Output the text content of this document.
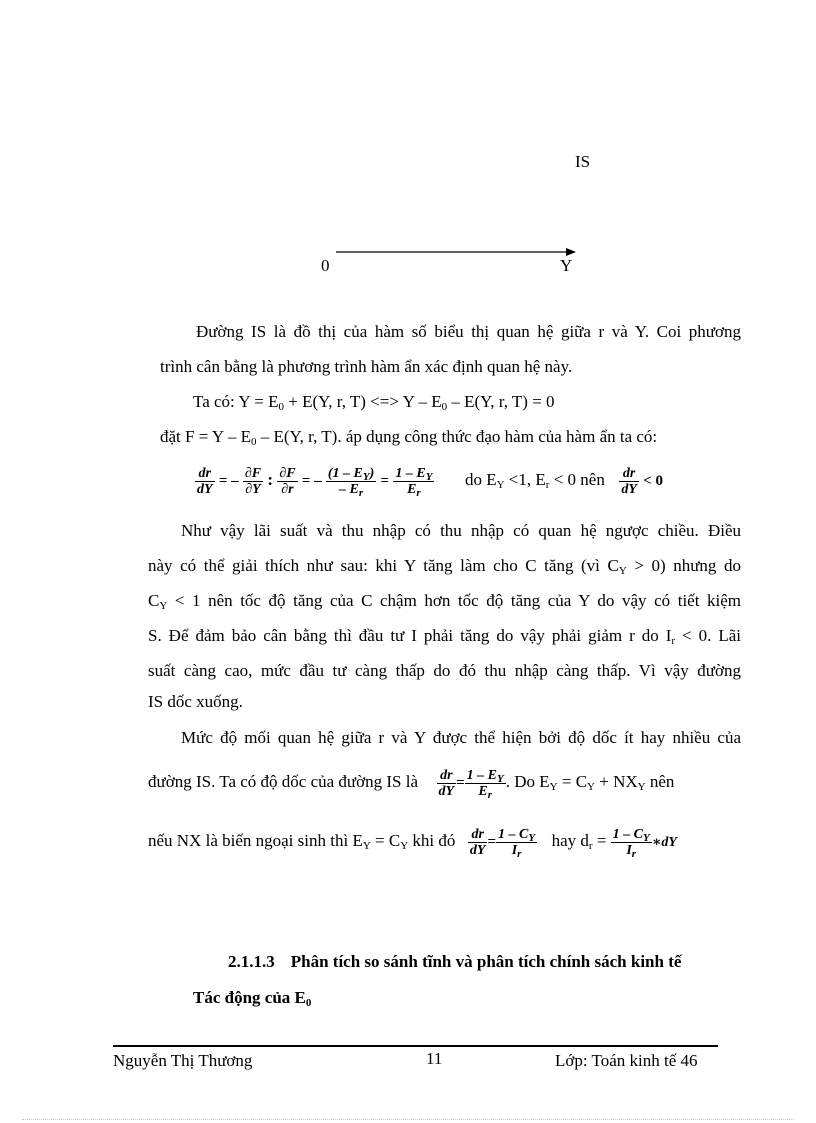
IS
0	Y
Đường IS là đồ thị của hàm số biểu thị quan hệ giữa r và Y. Coi phương
trình cân bằng là phương trình hàm ẩn xác định quan hệ này.
Ta có: $Y = E_0 + E(Y$, r, T) <=> Y – $E_0 - E(Y$, r, T) = 0
đặt $F = Y - E_0 - E(Y$, r, T). áp dụng công thức đạo hàm của hàm ẩn ta có:
$\frac{dr}{dY}$ = – $\frac{\partial F}{\partial Y}$ : $\frac{\partial F}{\partial r}$ = – $\frac{(1 - E_Y)}{- E_r} = \frac{1 - E_Y}{E_r}$ do $E_Y <1$, $E_r < 0$ nên $\frac{dr}{dY} < 0$
Như vậy lãi suất và thu nhập có thu nhập có quan hệ ngược chiều. Điều
này có thể giải thích như sau: khi Y tăng làm cho C tăng (vì $C_Y > 0$) nhưng do
$C_Y < 1$ nên tốc độ tăng của C chậm hơn tốc độ tăng của Y do vậy có tiết kiệm
S. Để đảm bảo cân bằng thì đầu tư I phải tăng do vậy phải giảm r do $I_r < 0$. Lãi
suất càng cao, mức đầu tư càng thấp do đó thu nhập càng thấp. Vì vậy đường
IS dốc xuống.
Mức độ mối quan hệ giữa r và Y được thể hiện bởi độ dốc ít hay nhiều của
đường IS. Ta có độ dốc của đường IS là $\frac{dr}{dY} = \frac{1 - E_Y}{E_r}$ . Do $E_Y = C_Y + NX_Y$ nên
nếu NX là biến ngoại sinh thì $E_Y = C_Y$ khi đó $\frac{dr}{dY} = \frac{1 - C_Y}{I_r}$ hay $d_r = \frac{1 - C_Y}{I_r}$ ∗dY
2.1.1.3 Phân tích so sánh tĩnh và phân tích chính sách kinh tế
Tác động của $E_0$
Nguyễn Thị Thương	11	Lớp: Toán kinh tế 46
